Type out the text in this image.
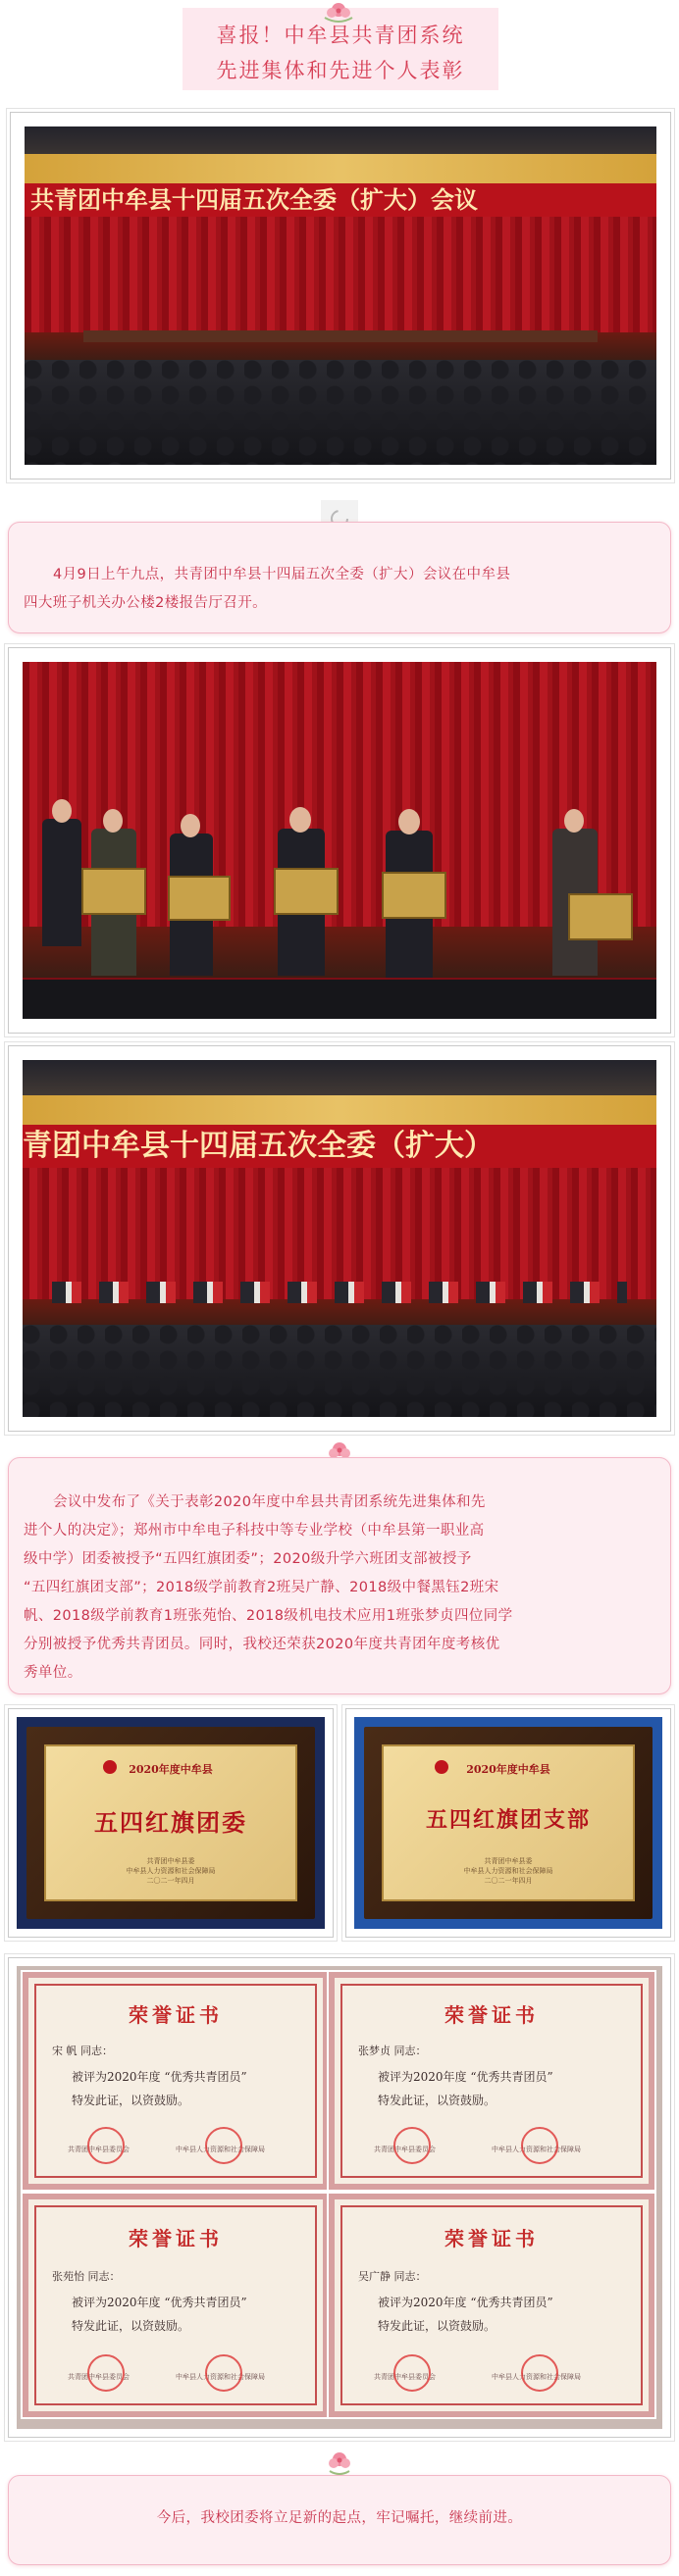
喜报！中牟县共青团系统
先进集体和先进个人表彰
共青团中牟县十四届五次全委（扩大）会议
4月9日上午九点，共青团中牟县十四届五次全委（扩大）会议在中牟县
四大班子机关办公楼2楼报告厅召开。
青团中牟县十四届五次全委（扩大）
会议中发布了《关于表彰2020年度中牟县共青团系统先进集体和先
进个人的决定》；郑州市中牟电子科技中等专业学校（中牟县第一职业高
级中学）团委被授予“五四红旗团委”；2020级升学六班团支部被授予
“五四红旗团支部”；2018级学前教育2班吴广静、2018级中餐黑钰2班宋
帆、2018级学前教育1班张苑怡、2018级机电技术应用1班张梦贞四位同学
分别被授予优秀共青团员。同时，我校还荣获2020年度共青团年度考核优
秀单位。
2020年度中牟县
五四红旗团委
共青团中牟县委
中牟县人力资源和社会保障局
二〇二一年四月
2020年度中牟县
五四红旗团支部
共青团中牟县委
中牟县人力资源和社会保障局
二〇二一年四月
荣誉证书
宋 帆 同志：
被评为2020年度 “优秀共青团员”
特发此证，以资鼓励。
共青团中牟县委员会	中牟县人力资源和社会保障局
荣誉证书
张梦贞 同志：
被评为2020年度 “优秀共青团员”
特发此证，以资鼓励。
共青团中牟县委员会	中牟县人力资源和社会保障局
荣誉证书
张苑怡 同志：
被评为2020年度 “优秀共青团员”
特发此证，以资鼓励。
共青团中牟县委员会	中牟县人力资源和社会保障局
荣誉证书
吴广静 同志：
被评为2020年度 “优秀共青团员”
特发此证，以资鼓励。
共青团中牟县委员会	中牟县人力资源和社会保障局
今后，我校团委将立足新的起点，牢记嘱托，继续前进。
